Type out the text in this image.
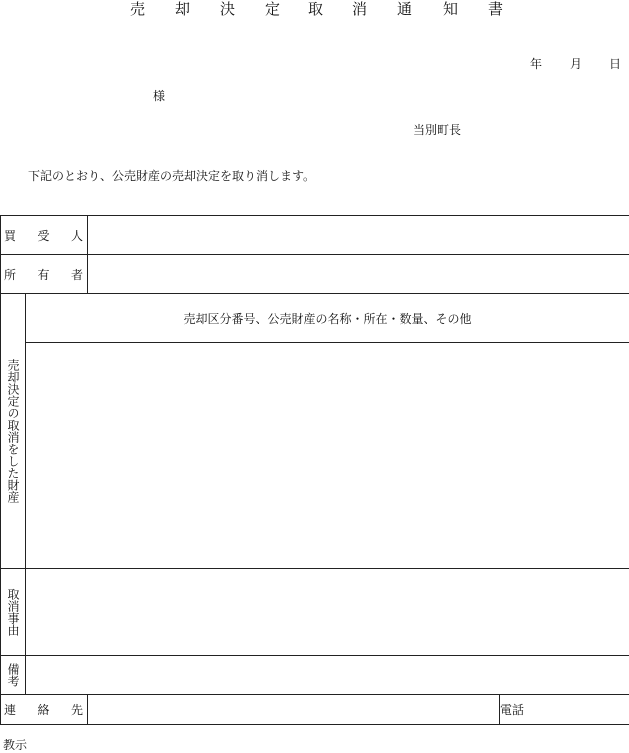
売 却 決 定 取 消 通 知 書
年 月 日
様
当別町長
下記のとおり、公売財産の売却決定を取り消します。
買 受 人			

所 有 者			

売却決定の取消をした財産	売却区分番号、公売財産の名称・所在・数量、その他		

取消事由			

備考			

連 絡 先			電話
教示
